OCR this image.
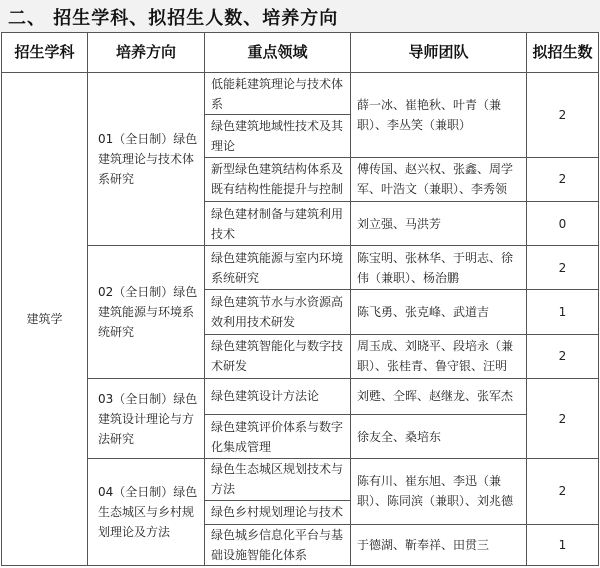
二、 招生学科、拟招生人数、培养方向
招生学科	培养方向	重点领域	导师团队	拟招生数
建筑学	01（全日制）绿色建筑理论与技术体系研究	低能耗建筑理论与技术体系	薛一冰、崔艳秋、叶青（兼职）、李丛笑（兼职）	2
		绿色建筑地域性技术及其理论		
		新型绿色建筑结构体系及既有结构性能提升与控制	傅传国、赵兴权、张鑫、周学军、叶浩文（兼职）、李秀领	2
		绿色建材制备与建筑利用技术	刘立强、马洪芳	0
	02（全日制）绿色建筑能源与环境系统研究	绿色建筑能源与室内环境系统研究	陈宝明、张林华、于明志、徐伟（兼职）、杨治鹏	2
		绿色建筑节水与水资源高效利用技术研发	陈飞勇、张克峰、武道吉	1
		绿色建筑智能化与数字技术研发	周玉成、刘晓平、段培永（兼职）、张桂青、鲁守银、汪明	2
	03（全日制）绿色建筑设计理论与方法研究	绿色建筑设计方法论	刘甦、仝晖、赵继龙、张军杰	2
		绿色建筑评价体系与数字化集成管理	徐友全、桑培东	
	04（全日制）绿色生态城区与乡村规划理论及方法	绿色生态城区规划技术与方法	陈有川、崔东旭、李迅（兼职）、陈同滨（兼职）、刘兆德	2
		绿色乡村规划理论与技术		
		绿色城乡信息化平台与基础设施智能化体系	于德湖、靳奉祥、田贯三	1
